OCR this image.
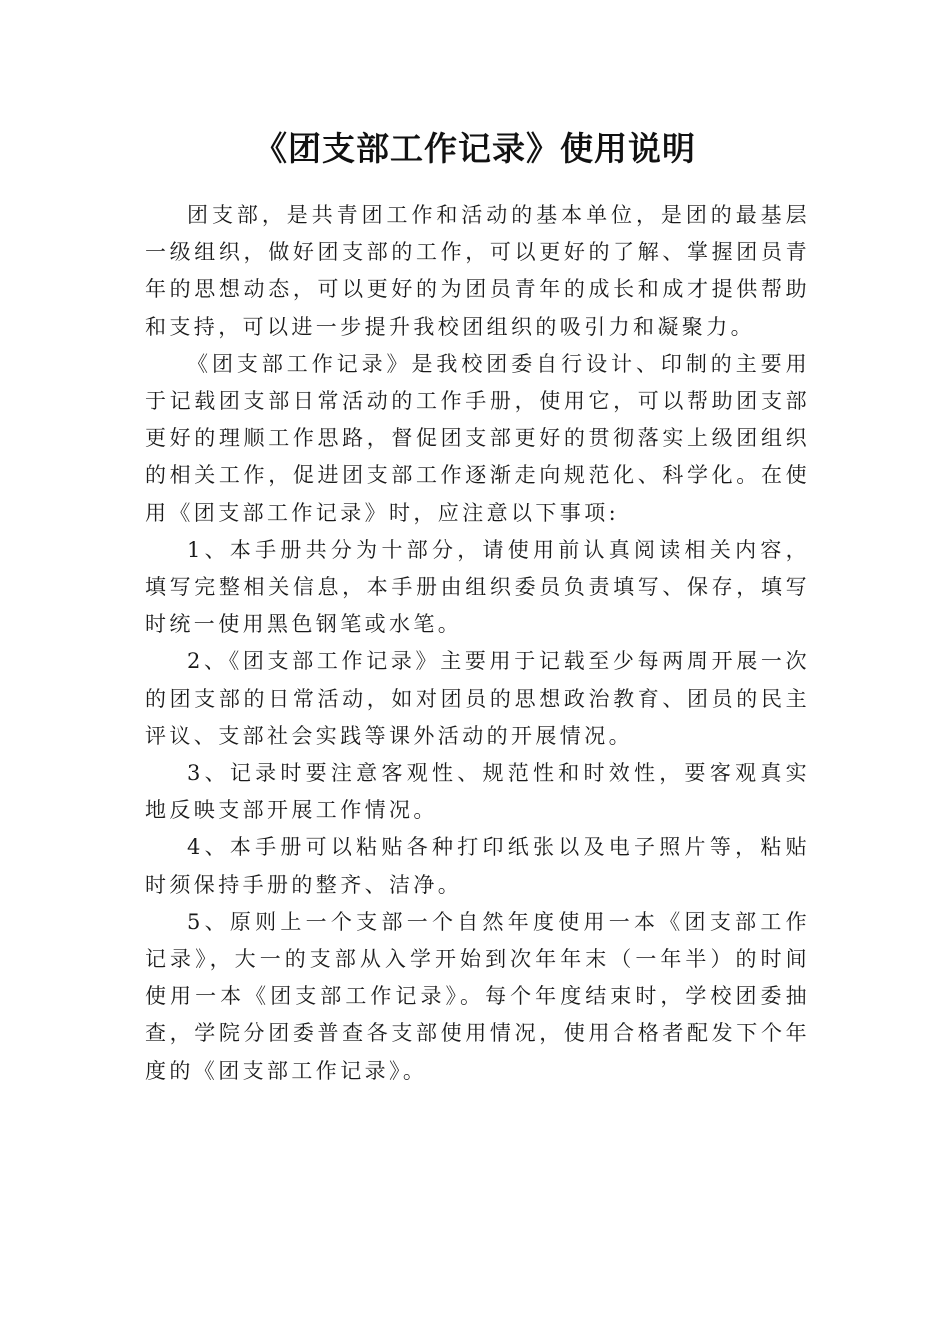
《团支部工作记录》使用说明

团支部，是共青团工作和活动的基本单位，是团的最基层一级组织，做好团支部的工作，可以更好的了解、掌握团员青年的思想动态，可以更好的为团员青年的成长和成才提供帮助和支持，可以进一步提升我校团组织的吸引力和凝聚力。

《团支部工作记录》是我校团委自行设计、印制的主要用于记载团支部日常活动的工作手册，使用它，可以帮助团支部更好的理顺工作思路，督促团支部更好的贯彻落实上级团组织的相关工作，促进团支部工作逐渐走向规范化、科学化。在使用《团支部工作记录》时，应注意以下事项:

1、本手册共分为十部分，请使用前认真阅读相关内容，填写完整相关信息，本手册由组织委员负责填写、保存，填写时统一使用黑色钢笔或水笔。

2、《团支部工作记录》主要用于记载至少每两周开展一次的团支部的日常活动，如对团员的思想政治教育、团员的民主评议、支部社会实践等课外活动的开展情况。

3、记录时要注意客观性、规范性和时效性，要客观真实地反映支部开展工作情况。

4、本手册可以粘贴各种打印纸张以及电子照片等，粘贴时须保持手册的整齐、洁净。

5、原则上一个支部一个自然年度使用一本《团支部工作记录》，大一的支部从入学开始到次年年末（一年半）的时间使用一本《团支部工作记录》。每个年度结束时，学校团委抽查，学院分团委普查各支部使用情况，使用合格者配发下个年度的《团支部工作记录》。
